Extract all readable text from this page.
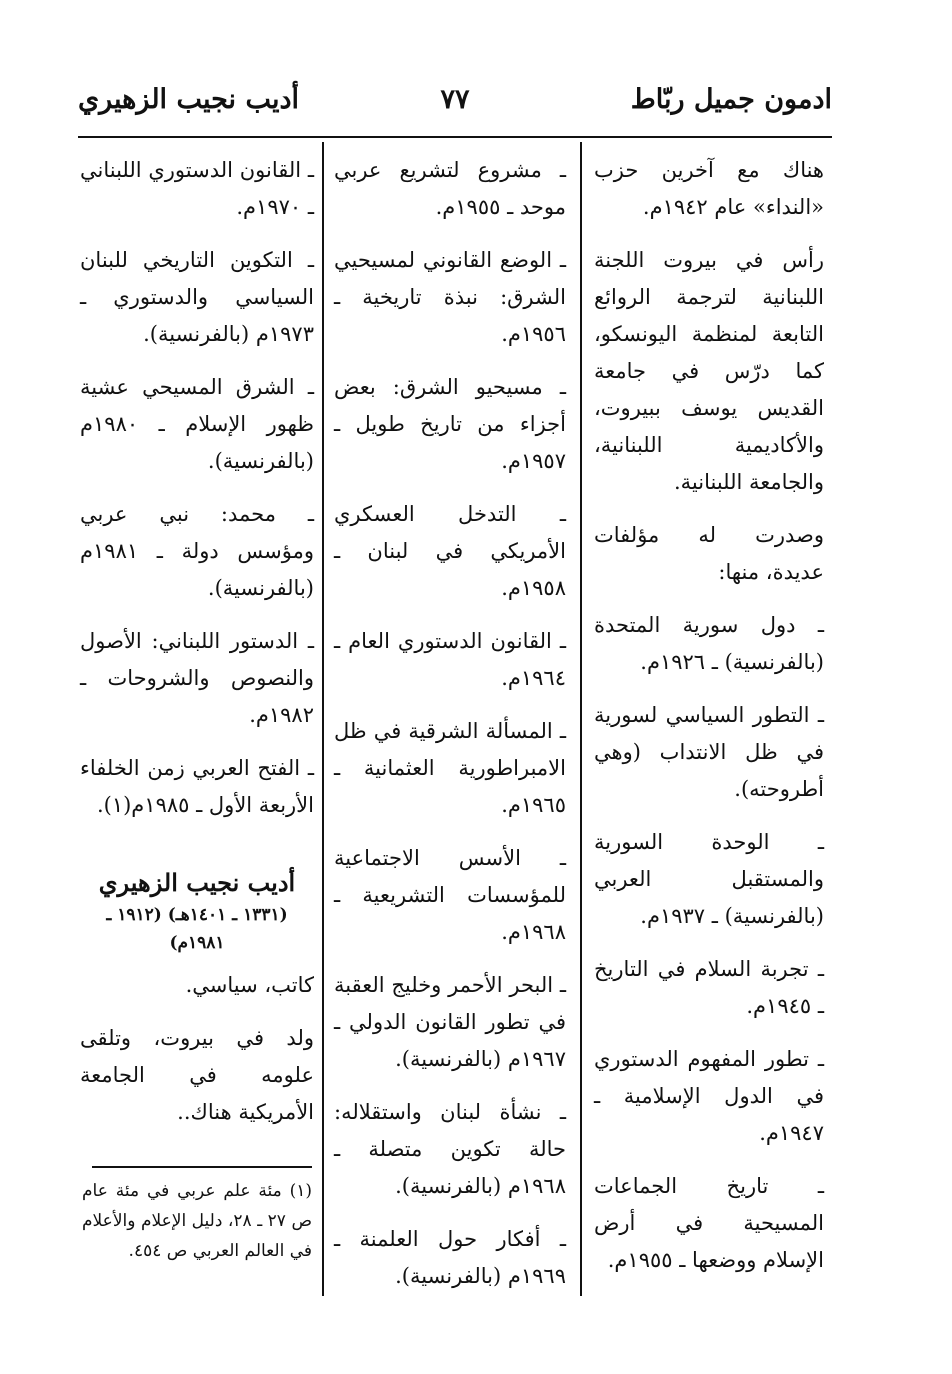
ادمون جميل ربّاط
٧٧
أديب نجيب الزهيري

هناك مع آخرين حزب «النداء» عام ١٩٤٢م.

رأس في بيروت اللجنة اللبنانية لترجمة الروائع التابعة لمنظمة اليونسكو، كما درّس في جامعة القديس يوسف ببيروت، والأكاديمية اللبنانية، والجامعة اللبنانية.

وصدرت له مؤلفات عديدة، منها:

ـ دول سورية المتحدة (بالفرنسية) ـ ١٩٢٦م.

ـ التطور السياسي لسورية في ظل الانتداب (وهي أطروحته).

ـ الوحدة السورية والمستقبل العربي (بالفرنسية) ـ ١٩٣٧م.

ـ تجربة السلام في التاريخ ـ ١٩٤٥م.

ـ تطور المفهوم الدستوري في الدول الإسلامية ـ ١٩٤٧م.

ـ تاريخ الجماعات المسيحية في أرض الإسلام ووضعها ـ ١٩٥٥م.

ـ مشروع لتشريع عربي موحد ـ ١٩٥٥م.

ـ الوضع القانوني لمسيحيي الشرق: نبذة تاريخية ـ ١٩٥٦م.

ـ مسيحيو الشرق: بعض أجزاء من تاريخ طويل ـ ١٩٥٧م.

ـ التدخل العسكري الأمريكي في لبنان ـ ١٩٥٨م.

ـ القانون الدستوري العام ـ ١٩٦٤م.

ـ المسألة الشرقية في ظل الامبراطورية العثمانية ـ ١٩٦٥م.

ـ الأسس الاجتماعية للمؤسسات التشريعية ـ ١٩٦٨م.

ـ البحر الأحمر وخليج العقبة في تطور القانون الدولي ـ ١٩٦٧م (بالفرنسية).

ـ نشأة لبنان واستقلاله: حالة تكوين متصلة ـ ١٩٦٨م (بالفرنسية).

ـ أفكار حول العلمنة ـ ١٩٦٩م (بالفرنسية).

ـ القانون الدستوري اللبناني ـ ١٩٧٠م.

ـ التكوين التاريخي للبنان السياسي والدستوري ـ ١٩٧٣م (بالفرنسية).

ـ الشرق المسيحي عشية ظهور الإسلام ـ ١٩٨٠م (بالفرنسية).

ـ محمد: نبي عربي ومؤسس دولة ـ ١٩٨١م (بالفرنسية).

ـ الدستور اللبناني: الأصول والنصوص والشروحات ـ ١٩٨٢م.

ـ الفتح العربي زمن الخلفاء الأربعة الأول ـ ١٩٨٥م(١).

أديب نجيب الزهيري
(١٣٣١ ـ ١٤٠١هـ) (١٩١٢ ـ ١٩٨١م)

كاتب، سياسي.

ولد في بيروت، وتلقى علومه في الجامعة الأمريكية هناك..

(١) مئة علم عربي في مئة عام ص ٢٧ ـ ٢٨، دليل الإعلام والأعلام في العالم العربي ص ٤٥٤.
